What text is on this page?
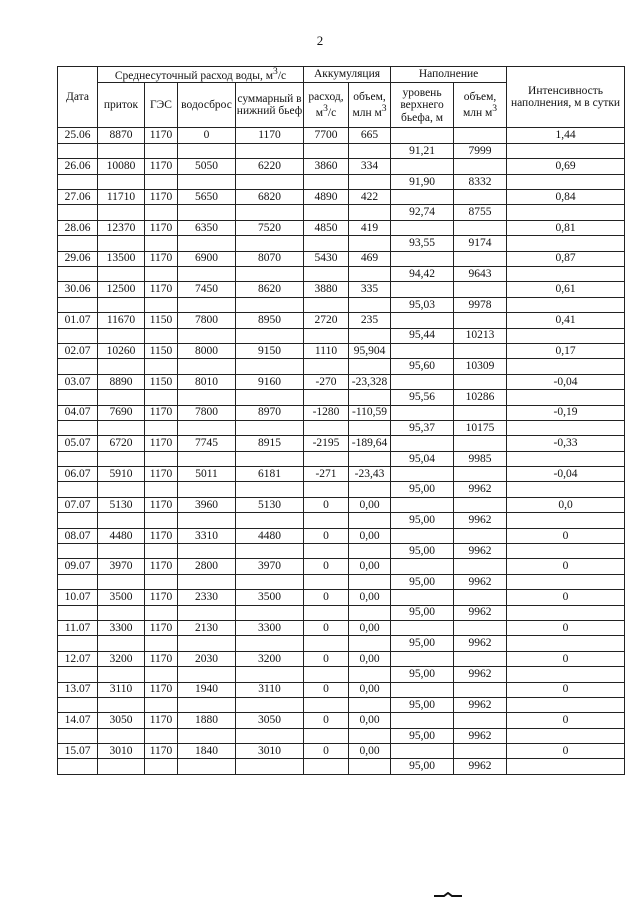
2
Дата	Среднесуточный расход воды, $м^3/с$				Аккумуляция		Наполнение		Интенсивность наполнения, м в сутки
	приток	ГЭС	водосброс	суммарный в нижний бьеф	расход, $м^3/с$	объем, млн $м^3$	уровень верхнего бьефа, м	объем, млн $м^3$
25.06	8870	1170	0	1170	7700	665			1,44
							91,21	7999	
26.06	10080	1170	5050	6220	3860	334			0,69
							91,90	8332	
27.06	11710	1170	5650	6820	4890	422			0,84
							92,74	8755	
28.06	12370	1170	6350	7520	4850	419			0,81
							93,55	9174	
29.06	13500	1170	6900	8070	5430	469			0,87
							94,42	9643	
30.06	12500	1170	7450	8620	3880	335			0,61
							95,03	9978	
01.07	11670	1150	7800	8950	2720	235			0,41
							95,44	10213	
02.07	10260	1150	8000	9150	1110	95,904			0,17
							95,60	10309	
03.07	8890	1150	8010	9160	-270	-23,328			-0,04
							95,56	10286	
04.07	7690	1170	7800	8970	-1280	-110,59			-0,19
							95,37	10175	
05.07	6720	1170	7745	8915	-2195	-189,64			-0,33
							95,04	9985	
06.07	5910	1170	5011	6181	-271	-23,43			-0,04
							95,00	9962	
07.07	5130	1170	3960	5130	0	0,00			0,0
							95,00	9962	
08.07	4480	1170	3310	4480	0	0,00			0
							95,00	9962	
09.07	3970	1170	2800	3970	0	0,00			0
							95,00	9962	
10.07	3500	1170	2330	3500	0	0,00			0
							95,00	9962	
11.07	3300	1170	2130	3300	0	0,00			0
							95,00	9962	
12.07	3200	1170	2030	3200	0	0,00			0
							95,00	9962	
13.07	3110	1170	1940	3110	0	0,00			0
							95,00	9962	
14.07	3050	1170	1880	3050	0	0,00			0
							95,00	9962	
15.07	3010	1170	1840	3010	0	0,00			0
							95,00	9962	
